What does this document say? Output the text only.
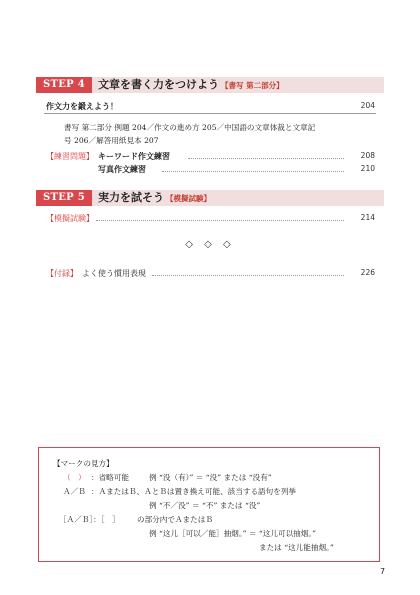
STEP 4	文章を書く力をつけよう 【書写 第二部分】
作文力を鍛えよう！	204
書写 第二部分 例題 204／作文の進め方 205／中国語の文章体裁と文章記
号 206／解答用紙見本 207
【練習問題】 キーワード作文練習	208
写真作文練習	210
STEP 5	実力を試そう 【模擬試験】
【模擬試験】	214
◇ ◇ ◇
【付録】 よく使う慣用表現	226
【マークの見方】
（　） ：省略可能	例 “没（有）” ＝ “没” または “没有”
Ａ／Ｂ ：ＡまたはＢ、ＡとＢは置き換え可能、該当する語句を列挙
例 “不／没” ＝ “不” または “没”
［Ａ／Ｂ］：［　］ の部分内でＡまたはＢ
例 “这儿［可以／能］抽烟。” ＝ “这儿可以抽烟。”
または “这儿能抽烟。”
7
